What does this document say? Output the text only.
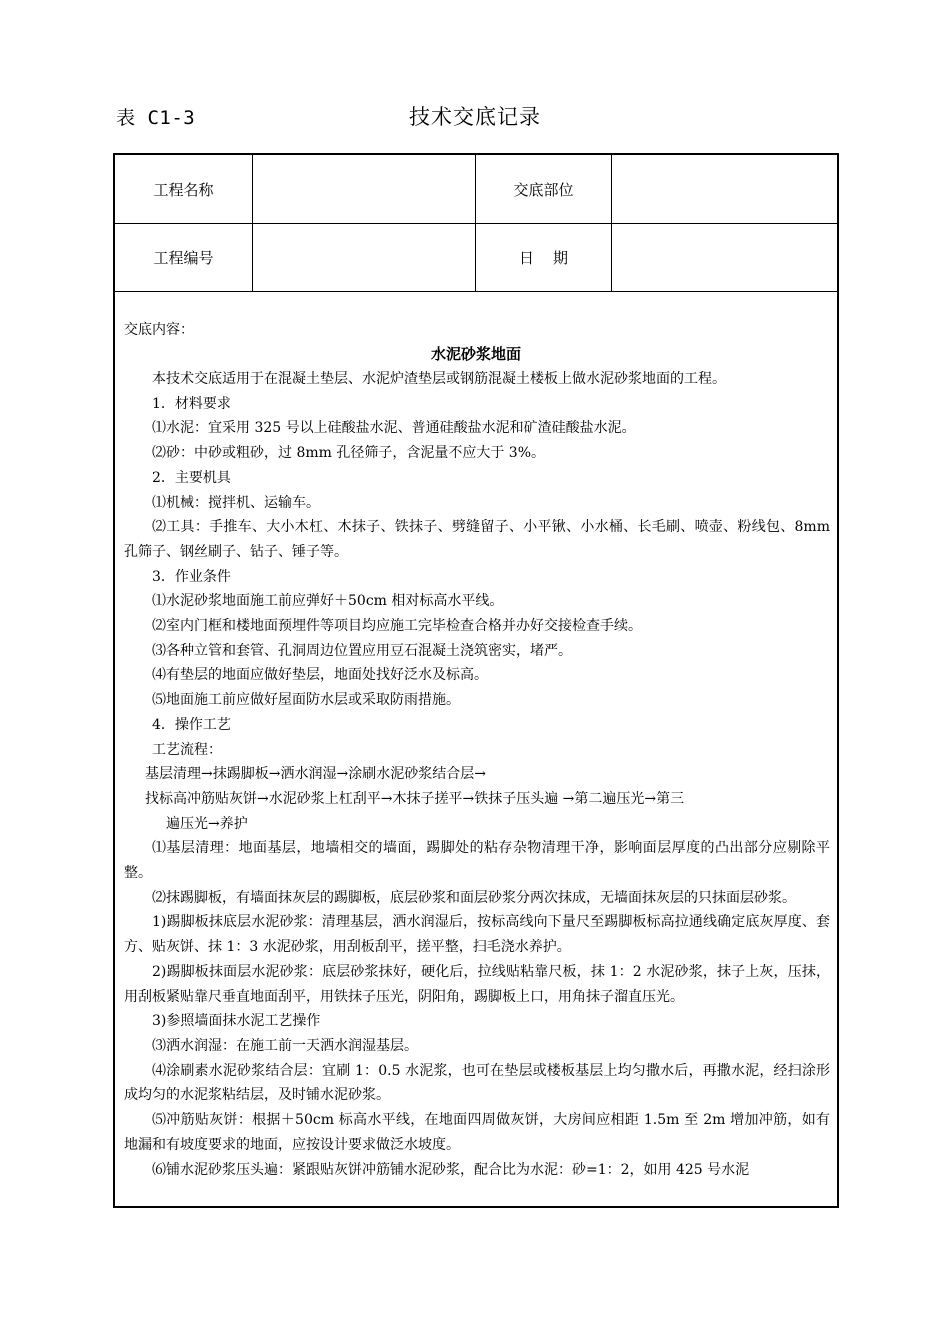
表 C1-3	技术交底记录
工程名称	交底部位
工程编号	日    期
交底内容：
水泥砂浆地面

本技术交底适用于在混凝土垫层、水泥炉渣垫层或钢筋混凝土楼板上做水泥砂浆地面的工程。

1．材料要求

⑴水泥：宜采用 325 号以上硅酸盐水泥、普通硅酸盐水泥和矿渣硅酸盐水泥。

⑵砂：中砂或粗砂，过 8mm 孔径筛子，含泥量不应大于 3%。

2．主要机具

⑴机械：搅拌机、运输车。

⑵工具：手推车、大小木杠、木抹子、铁抹子、劈缝留子、小平锹、小水桶、长毛刷、喷壶、粉线包、8mm 孔筛子、钢丝刷子、钻子、锤子等。

3．作业条件

⑴水泥砂浆地面施工前应弹好＋50cm 相对标高水平线。

⑵室内门框和楼地面预埋件等项目均应施工完毕检查合格并办好交接检查手续。

⑶各种立管和套管、孔洞周边位置应用豆石混凝土浇筑密实，堵严。

⑷有垫层的地面应做好垫层，地面处找好泛水及标高。

⑸地面施工前应做好屋面防水层或采取防雨措施。

4．操作工艺

工艺流程：

基层清理→抹踢脚板→洒水润湿→涂刷水泥砂浆结合层→

找标高冲筋贴灰饼→水泥砂浆上杠刮平→木抹子搓平→铁抹子压头遍 →第二遍压光→第三
遍压光→养护

⑴基层清理：地面基层，地墙相交的墙面，踢脚处的粘存杂物清理干净，影响面层厚度的凸出部分应剔除平整。

⑵抹踢脚板，有墙面抹灰层的踢脚板，底层砂浆和面层砂浆分两次抹成，无墙面抹灰层的只抹面层砂浆。

1)踢脚板抹底层水泥砂浆：清理基层，洒水润湿后，按标高线向下量尺至踢脚板标高拉通线确定底灰厚度、套方、贴灰饼、抹 1：3 水泥砂浆，用刮板刮平，搓平整，扫毛浇水养护。

2)踢脚板抹面层水泥砂浆：底层砂浆抹好，硬化后，拉线贴粘靠尺板，抹 1：2 水泥砂浆，抹子上灰，压抹，用刮板紧贴靠尺垂直地面刮平，用铁抹子压光，阴阳角，踢脚板上口，用角抹子溜直压光。

3)参照墙面抹水泥工艺操作

⑶洒水润湿：在施工前一天洒水润湿基层。

⑷涂刷素水泥砂浆结合层：宜刷 1：0.5 水泥浆，也可在垫层或楼板基层上均匀撒水后，再撒水泥，经扫涂形成均匀的水泥浆粘结层，及时铺水泥砂浆。

⑸冲筋贴灰饼：根据＋50cm 标高水平线，在地面四周做灰饼，大房间应相距 1.5m 至 2m 增加冲筋，如有地漏和有坡度要求的地面，应按设计要求做泛水坡度。

⑹铺水泥砂浆压头遍：紧跟贴灰饼冲筋铺水泥砂浆，配合比为水泥：砂=1：2，如用 425 号水泥
